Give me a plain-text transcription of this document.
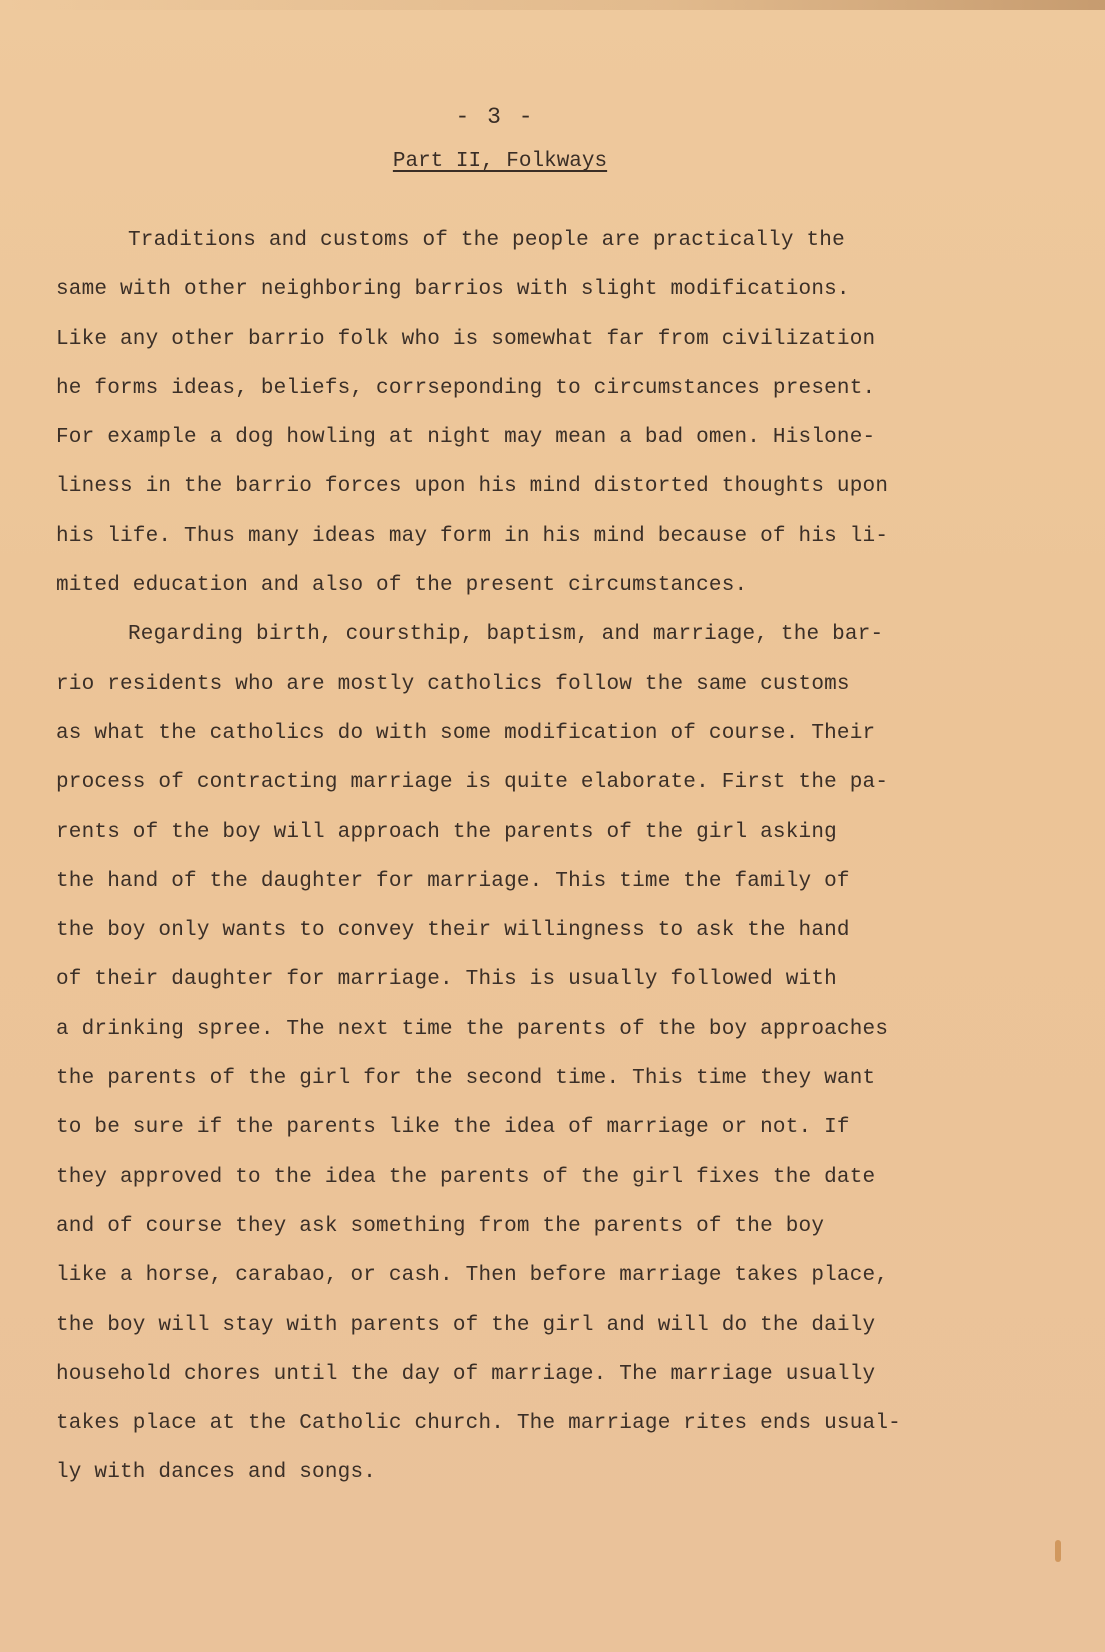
- 3 -
Part II, Folkways
Traditions and customs of the people are practically the
same with other neighboring barrios with slight modifications.
Like any other barrio folk who is somewhat far from civilization
he forms ideas, beliefs, corrseponding to circumstances present.
For example a dog howling at night may mean a bad omen. Hislone-
liness in the barrio forces upon his mind distorted thoughts upon
his life. Thus many ideas may form in his mind because of his li-
mited education and also of the present circumstances.
Regarding birth, coursthip, baptism, and marriage, the bar-
rio residents who are mostly catholics follow the same customs
as what the catholics do with some modification of course. Their
process of contracting marriage is quite elaborate. First the pa-
rents of the boy will approach the parents of the girl asking
the hand of the daughter for marriage. This time the family of
the boy only wants to convey their willingness to ask the hand
of their daughter for marriage. This is usually followed with
a drinking spree. The next time the parents of the boy approaches
the parents of the girl for the second time. This time they want
to be sure if the parents like the idea of marriage or not. If
they approved to the idea the parents of the girl fixes the date
and of course they ask something from the parents of the boy
like a horse, carabao, or cash. Then before marriage takes place,
the boy will stay with parents of the girl and will do the daily
household chores until the day of marriage. The marriage usually
takes place at the Catholic church. The marriage rites ends usual-
ly with dances and songs.
